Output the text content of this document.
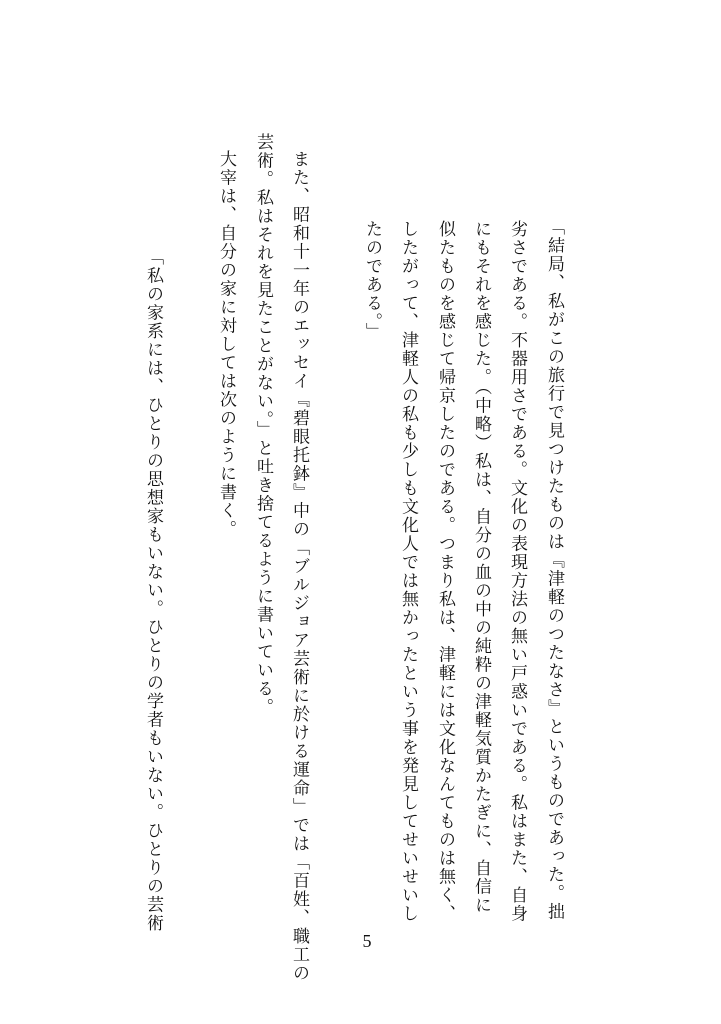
「結局、私がこの旅行で見つけたものは『津軽のつたなさ』というものであった。拙
劣さである。不器用さである。文化の表現方法の無い戸惑いである。私はまた、自身
にもそれを感じた。（中略）私は、自分の血の中の純粋の津軽気質かたぎに、自信に
似たものを感じて帰京したのである。つまり私は、津軽には文化なんてものは無く、
したがって、津軽人の私も少しも文化人では無かったという事を発見してせいせいし
たのである。」
また、昭和十一年のエッセイ『碧眼托鉢』中の「ブルジョア芸術に於ける運命」では「百姓、職工の
芸術。私はそれを見たことがない。」と吐き捨てるように書いている。
大宰は、自分の家に対しては次のように書く。
「私の家系には、ひとりの思想家もいない。ひとりの学者もいない。ひとりの芸術
5
